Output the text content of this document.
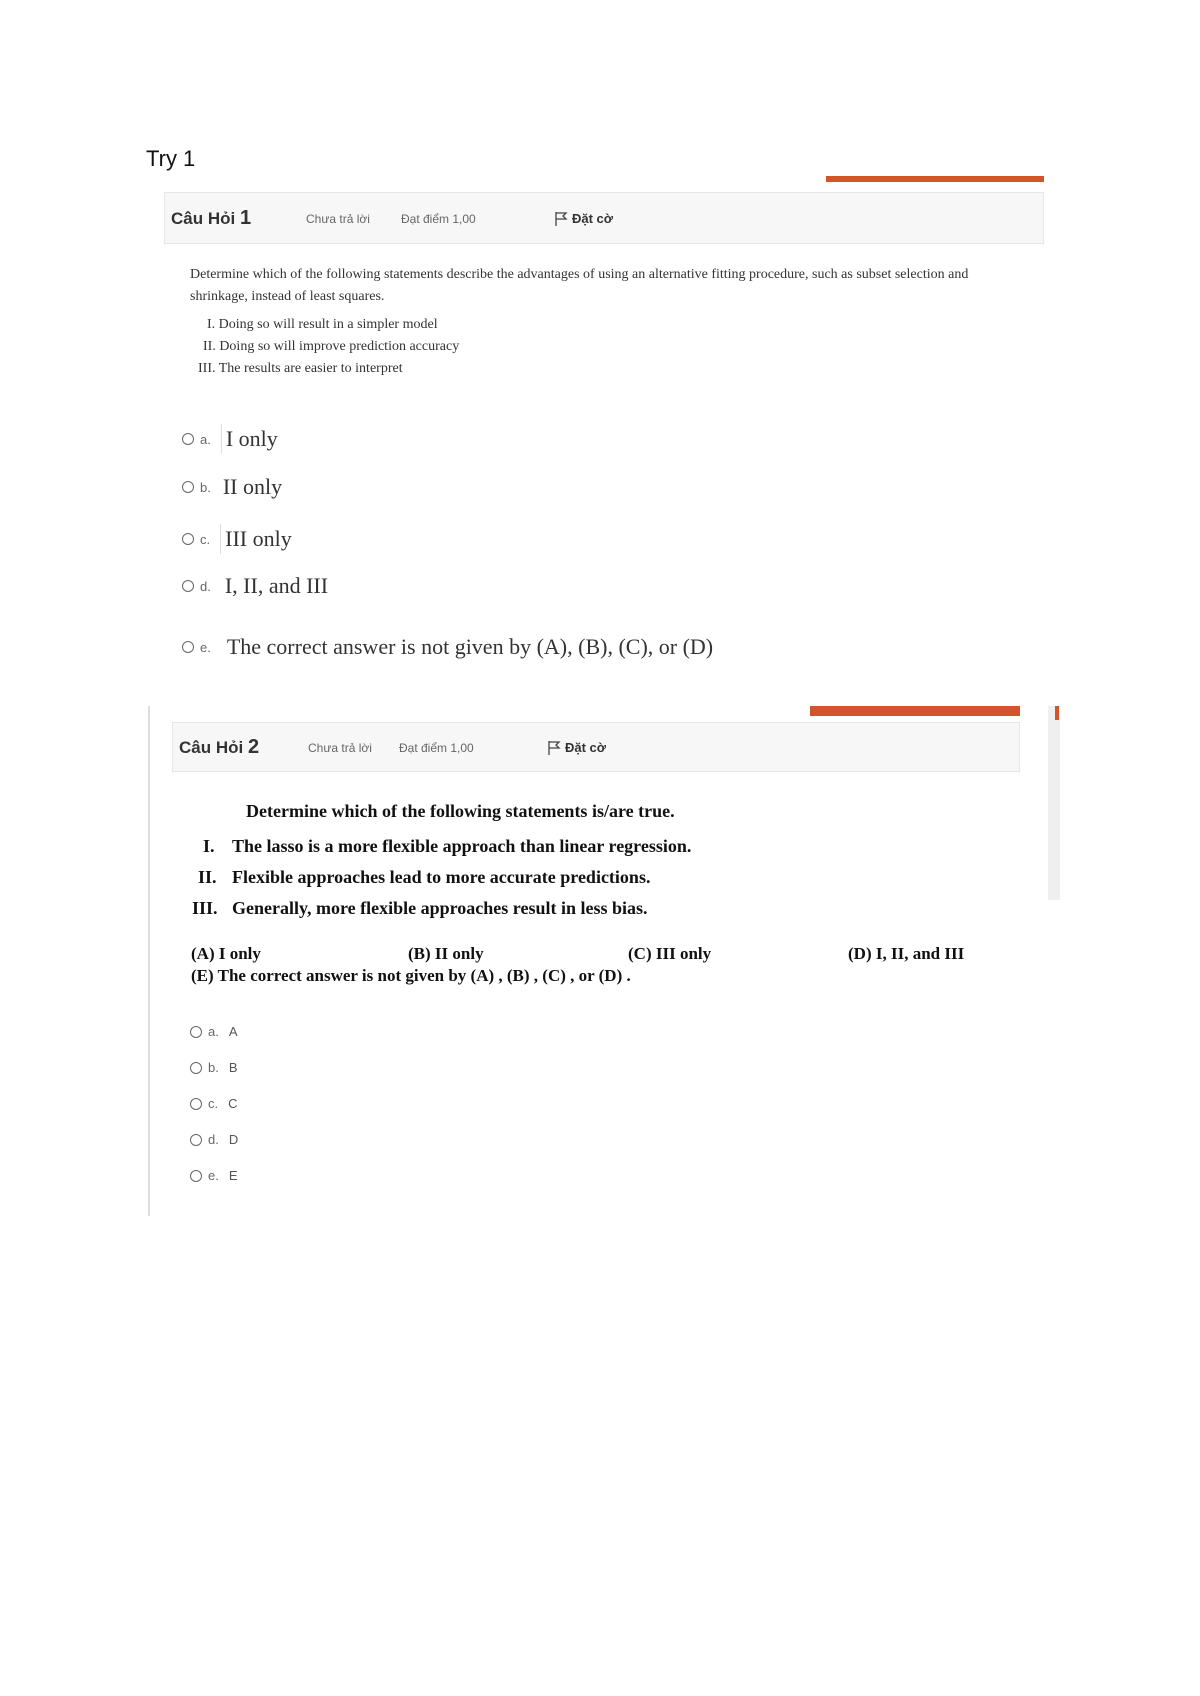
Try 1
Câu Hỏi 1	Chưa trả lời	Đạt điểm 1,00	Đặt cờ
Determine which of the following statements describe the advantages of using an alternative fitting procedure, such as subset selection and shrinkage, instead of least squares.
I. Doing so will result in a simpler model
II. Doing so will improve prediction accuracy
III. The results are easier to interpret
a. I only
b. II only
c. III only
d. I, II, and III
e. The correct answer is not given by (A), (B), (C), or (D)
Câu Hỏi 2	Chưa trả lời Đạt điểm 1,00	Đặt cờ
Determine which of the following statements is/are true.
I. The lasso is a more flexible approach than linear regression.
II. Flexible approaches lead to more accurate predictions.
III. Generally, more flexible approaches result in less bias.
(A) I only	(B) II only	(C) III only	(D) I, II, and III
(E) The correct answer is not given by (A) , (B) , (C) , or (D) .
a. A
b. B
c. C
d. D
e. E
